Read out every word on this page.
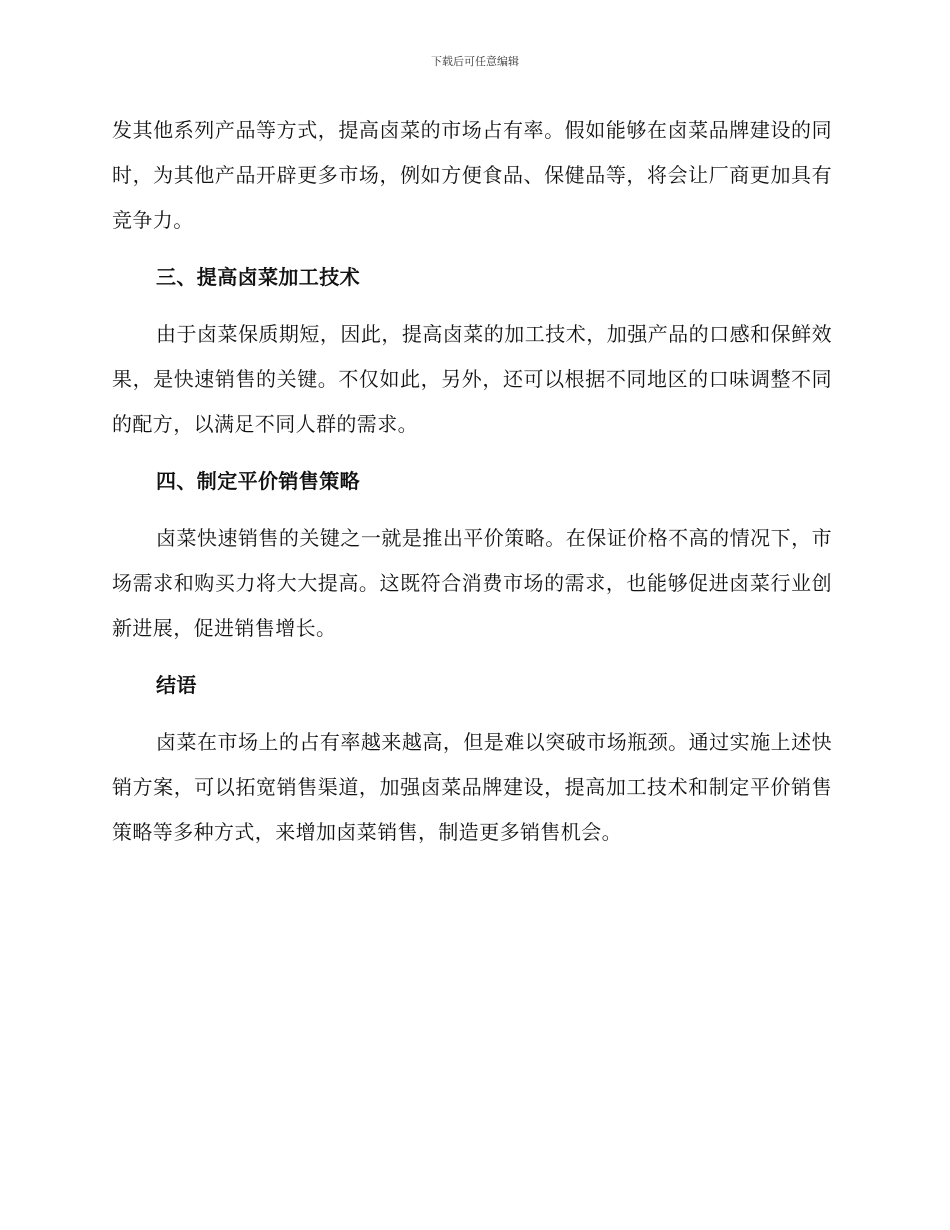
下载后可任意编辑

发其他系列产品等方式，提高卤菜的市场占有率。假如能够在卤菜品牌建设的同时，为其他产品开辟更多市场，例如方便食品、保健品等，将会让厂商更加具有竞争力。

三、提高卤菜加工技术

由于卤菜保质期短，因此，提高卤菜的加工技术，加强产品的口感和保鲜效果，是快速销售的关键。不仅如此，另外，还可以根据不同地区的口味调整不同的配方，以满足不同人群的需求。

四、制定平价销售策略

卤菜快速销售的关键之一就是推出平价策略。在保证价格不高的情况下，市场需求和购买力将大大提高。这既符合消费市场的需求，也能够促进卤菜行业创新进展，促进销售增长。

结语

卤菜在市场上的占有率越来越高，但是难以突破市场瓶颈。通过实施上述快销方案，可以拓宽销售渠道，加强卤菜品牌建设，提高加工技术和制定平价销售策略等多种方式，来增加卤菜销售，制造更多销售机会。
